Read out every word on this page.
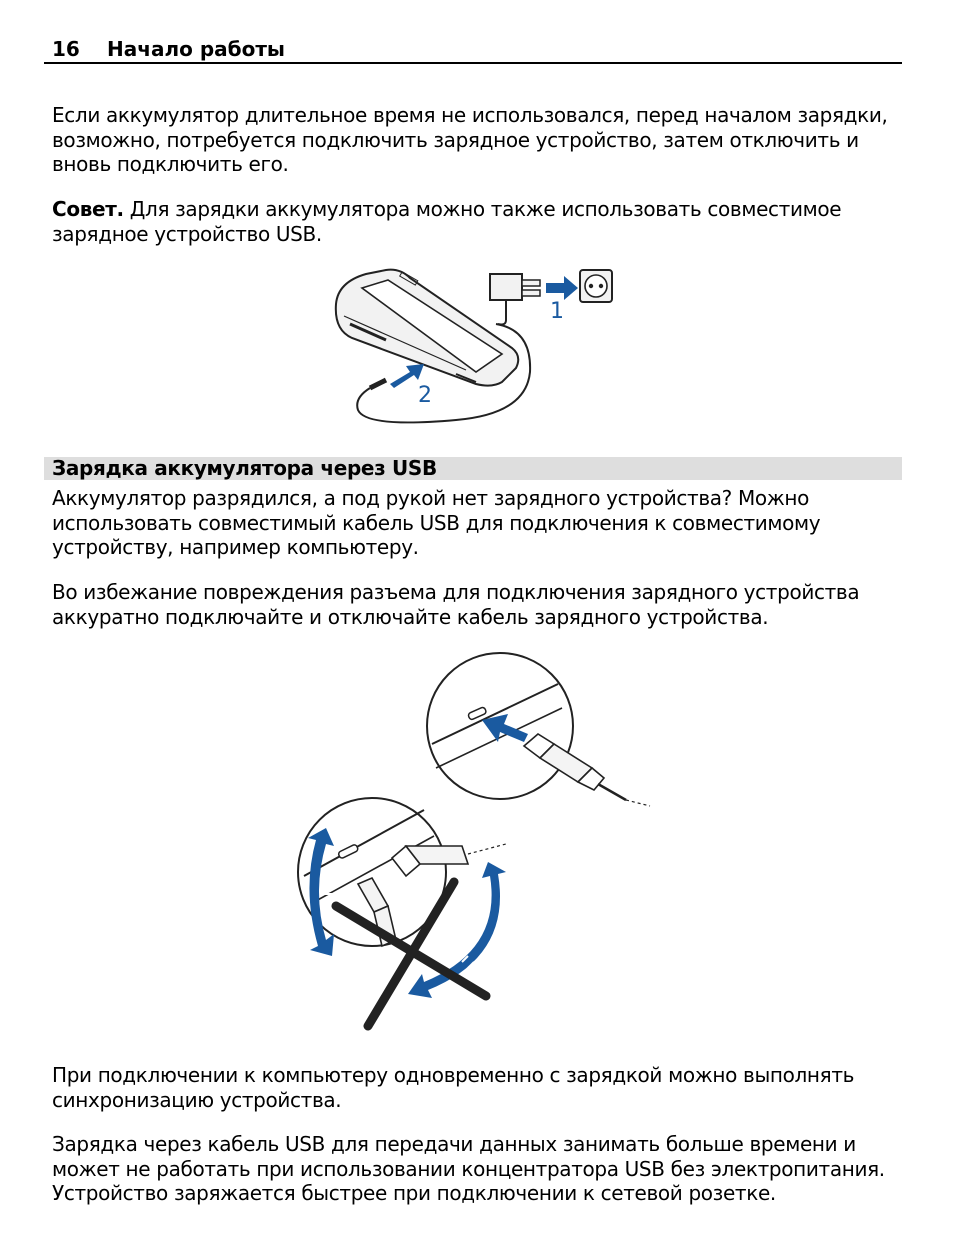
16 Начало работы

Если аккумулятор длительное время не использовался, перед началом зарядки, возможно, потребуется подключить зарядное устройство, затем отключить и вновь подключить его.

Совет. Для зарядки аккумулятора можно также использовать совместимое зарядное устройство USB.

1
2
Зарядка аккумулятора через USB

Аккумулятор разрядился, а под рукой нет зарядного устройства? Можно использовать совместимый кабель USB для подключения к совместимому устройству, например компьютеру.

Во избежание повреждения разъема для подключения зарядного устройства аккуратно подключайте и отключайте кабель зарядного устройства.

При подключении к компьютеру одновременно с зарядкой можно выполнять синхронизацию устройства.

Зарядка через кабель USB для передачи данных занимать больше времени и может не работать при использовании концентратора USB без электропитания. Устройство заряжается быстрее при подключении к сетевой розетке.
